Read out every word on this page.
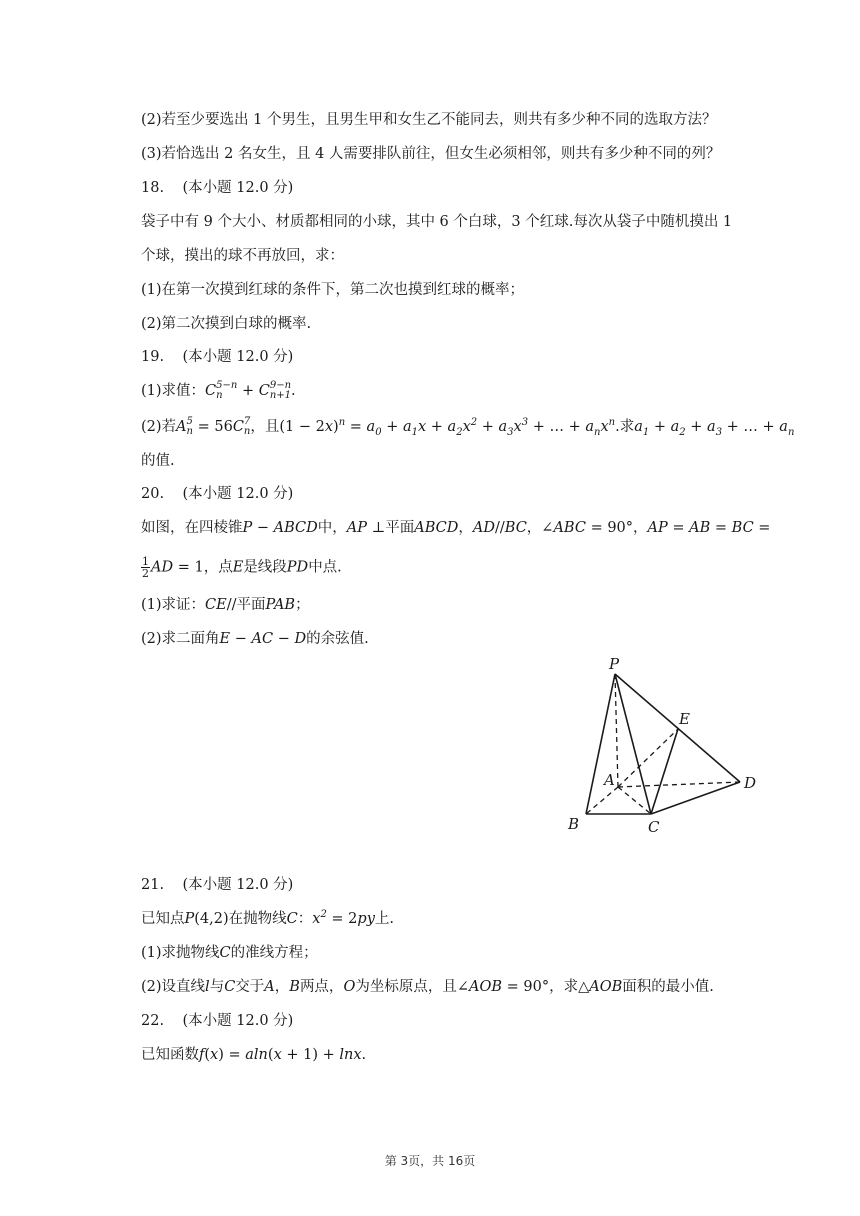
(2)若至少要选出 1 个男生，且男生甲和女生乙不能同去，则共有多少种不同的选取方法？
(3)若恰选出 2 名女生，且 4 人需要排队前往，但女生必须相邻，则共有多少种不同的列？
18. (本小题 12.0 分)
袋子中有 9 个大小、材质都相同的小球，其中 6 个白球，3 个红球.每次从袋子中随机摸出 1
个球，摸出的球不再放回，求：
(1)在第一次摸到红球的条件下，第二次也摸到红球的概率；
(2)第二次摸到白球的概率.
19. (本小题 12.0 分)
(1)求值：C 5−n
n	+ C 9−n
n+1 .
(2)若A 5
n = 56C 7
n ，且$(1 - 2x)^n = a_0 + a_1x + a_2x^2 + a_3x^3$ + … + $a_nx^n$.求$a_1 + a_2 + a_3$ + … + $a_n$
的值.
20. (本小题 12.0 分)
如图，在四棱锥P − ABCD中，AP ⊥平面ABCD，AD//BC，∠ABC = 90°，AP = AB = BC =
$\frac{1}{2}$ AD = 1，点E是线段PD中点.
(1)求证：CE//平面PAB；
(2)求二面角E − AC − D的余弦值.
P
E
A	D
B	C
21. (本小题 12.0 分)
已知点P(4,2)在抛物线C：$x^2 = 2py$上.
(1)求抛物线C的准线方程；
(2)设直线l与C交于A，B两点，O为坐标原点，且∠AOB = 90°，求△AOB面积的最小值.
22. (本小题 12.0 分)
已知函数f(x) = aln(x + 1) + lnx.
第 3页，共 16页
